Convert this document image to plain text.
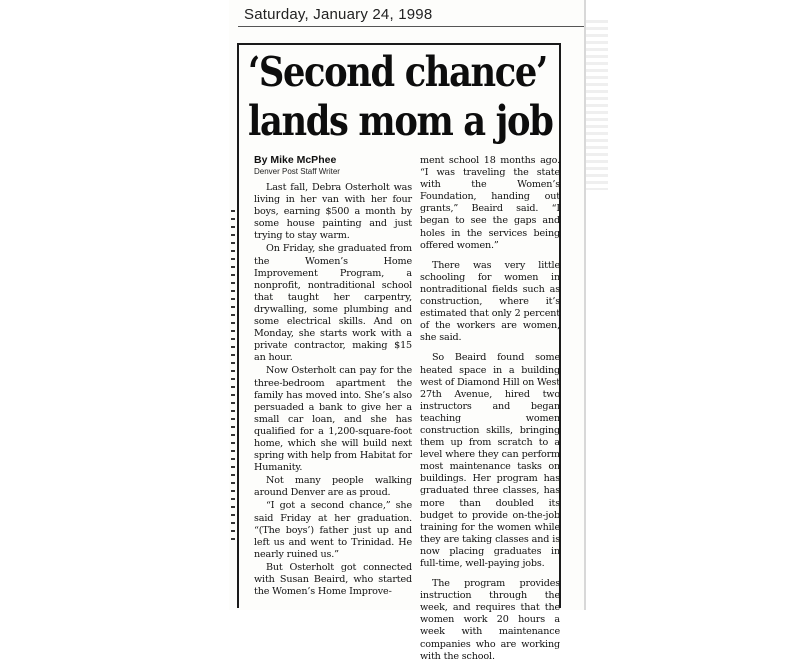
Saturday, January 24, 1998
‘Second chance’
lands mom a job
By Mike McPhee
Denver Post Staff Writer

Last fall, Debra Osterholt was living in her van with her four boys, earning $500 a month by some house painting and just trying to stay warm.

On Friday, she graduated from the Women’s Home Improvement Program, a nonprofit, nontraditional school that taught her carpentry, drywalling, some plumbing and some electrical skills. And on Monday, she starts work with a private contractor, making $15 an hour.

Now Osterholt can pay for the three-bedroom apartment the family has moved into. She’s also persuaded a bank to give her a small car loan, and she has qualified for a 1,200-square-foot home, which she will build next spring with help from Habitat for Humanity.

Not many people walking around Denver are as proud.

“I got a second chance,” she said Friday at her graduation. “(The boys’) father just up and left us and went to Trinidad. He nearly ruined us.”

But Osterholt got connected with Susan Beaird, who started the Women’s Home Improve-

ment school 18 months ago. “I was traveling the state with the Women’s Foundation, handing out grants,” Beaird said. “I began to see the gaps and holes in the services being offered women.”

There was very little schooling for women in nontraditional fields such as construction, where it’s estimated that only 2 percent of the workers are women, she said.

So Beaird found some heated space in a building west of Diamond Hill on West 27th Avenue, hired two instructors and began teaching women construction skills, bringing them up from scratch to a level where they can perform most maintenance tasks on buildings. Her program has graduated three classes, has more than doubled its budget to provide on-the-job training for the women while they are taking classes and is now placing graduates in full-time, well-paying jobs.

The program provides instruction through the week, and requires that the women work 20 hours a week with maintenance companies who are working with the school.
